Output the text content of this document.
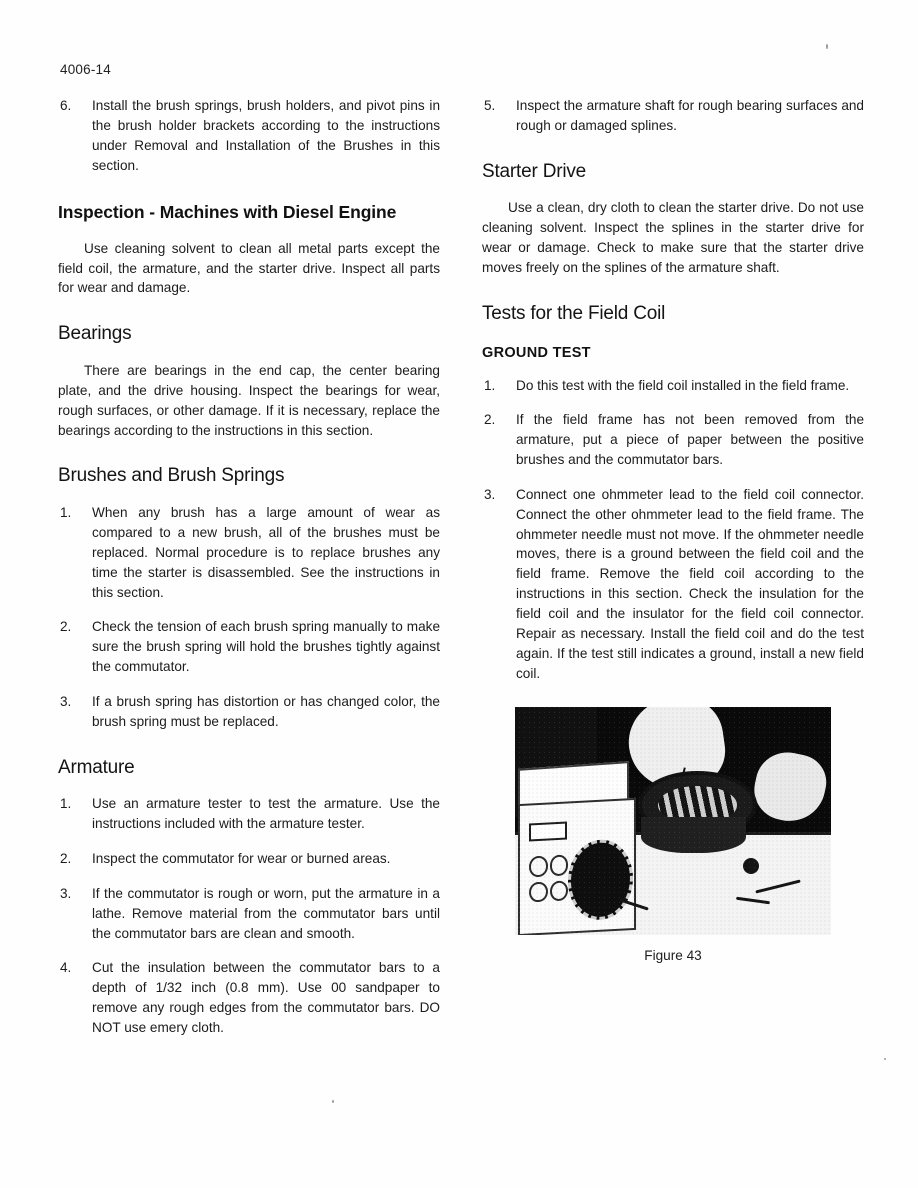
4006-14
6.	Install the brush springs, brush holders, and pivot pins in the brush holder brackets according to the instructions under Removal and Installation of the Brushes in this section.
Inspection - Machines with Diesel Engine
Use cleaning solvent to clean all metal parts except the field coil, the armature, and the starter drive. Inspect all parts for wear and damage.
Bearings
There are bearings in the end cap, the center bearing plate, and the drive housing. Inspect the bearings for wear, rough surfaces, or other damage. If it is necessary, replace the bearings according to the instructions in this section.
Brushes and Brush Springs
1.	When any brush has a large amount of wear as compared to a new brush, all of the brushes must be replaced. Normal procedure is to replace brushes any time the starter is disassembled. See the instructions in this section.
2.	Check the tension of each brush spring manually to make sure the brush spring will hold the brushes tightly against the commutator.
3.	If a brush spring has distortion or has changed color, the brush spring must be replaced.
Armature
1.	Use an armature tester to test the armature. Use the instructions included with the armature tester.
2.	Inspect the commutator for wear or burned areas.
3.	If the commutator is rough or worn, put the armature in a lathe. Remove material from the commutator bars until the commutator bars are clean and smooth.
4.	Cut the insulation between the commutator bars to a depth of 1/32 inch (0.8 mm). Use 00 sandpaper to remove any rough edges from the commutator bars. DO NOT use emery cloth.
5.	Inspect the armature shaft for rough bearing surfaces and rough or damaged splines.
Starter Drive
Use a clean, dry cloth to clean the starter drive. Do not use cleaning solvent. Inspect the splines in the starter drive for wear or damage. Check to make sure that the starter drive moves freely on the splines of the armature shaft.
Tests for the Field Coil
GROUND TEST
1.	Do this test with the field coil installed in the field frame.
2.	If the field frame has not been removed from the armature, put a piece of paper between the positive brushes and the commutator bars.
3.	Connect one ohmmeter lead to the field coil connector. Connect the other ohmmeter lead to the field frame. The ohmmeter needle must not move. If the ohmmeter needle moves, there is a ground between the field coil and the field frame. Remove the field coil according to the instructions in this section. Check the insulation for the field coil and the insulator for the field coil connector. Repair as necessary. Install the field coil and do the test again. If the test still indicates a ground, install a new field coil.
Figure 43
